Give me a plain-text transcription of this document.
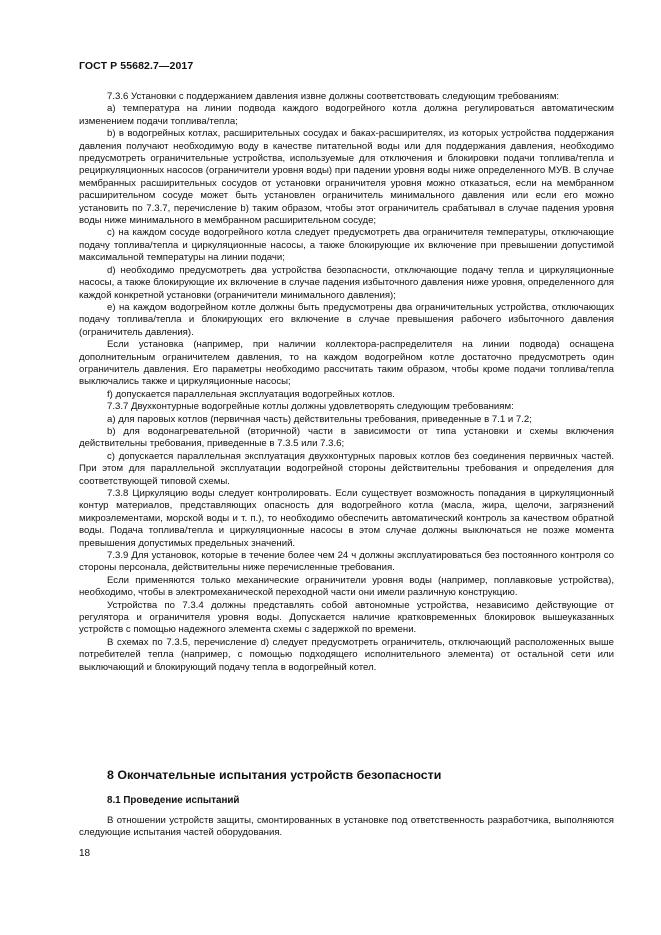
ГОСТ Р 55682.7—2017

7.3.6 Установки с поддержанием давления извне должны соответствовать следующим требованиям:

а) температура на линии подвода каждого водогрейного котла должна регулироваться автоматическим изменением подачи топлива/тепла;

b) в водогрейных котлах, расширительных сосудах и баках-расширителях, из которых устройства поддержания давления получают необходимую воду в качестве питательной воды или для поддержания давления, необходимо предусмотреть ограничительные устройства, используемые для отключения и блокировки подачи топлива/тепла и рециркуляционных насосов (ограничители уровня воды) при падении уровня воды ниже определенного МУВ. В случае мембранных расширительных сосудов от установки ограничителя уровня можно отказаться, если на мембранном расширительном сосуде может быть установлен ограничитель минимального давления или если его можно установить по 7.3.7, перечисление b) таким образом, чтобы этот ограничитель срабатывал в случае падения уровня воды ниже минимального в мембранном расширительном сосуде;

с) на каждом сосуде водогрейного котла следует предусмотреть два ограничителя температуры, отключающие подачу топлива/тепла и циркуляционные насосы, а также блокирующие их включение при превышении допустимой максимальной температуры на линии подачи;

d) необходимо предусмотреть два устройства безопасности, отключающие подачу тепла и циркуляционные насосы, а также блокирующие их включение в случае падения избыточного давления ниже уровня, определенного для каждой конкретной установки (ограничители минимального давления);

е) на каждом водогрейном котле должны быть предусмотрены два ограничительных устройства, отключающих подачу топлива/тепла и блокирующих его включение в случае превышения рабочего избыточного давления (ограничитель давления).

Если установка (например, при наличии коллектора-распределителя на линии подвода) оснащена дополнительным ограничителем давления, то на каждом водогрейном котле достаточно предусмотреть один ограничитель давления. Его параметры необходимо рассчитать таким образом, чтобы кроме подачи топлива/тепла выключались также и циркуляционные насосы;

f) допускается параллельная эксплуатация водогрейных котлов.

7.3.7 Двухконтурные водогрейные котлы должны удовлетворять следующим требованиям:

а) для паровых котлов (первичная часть) действительны требования, приведенные в 7.1 и 7.2;

b) для водонагревательной (вторичной) части в зависимости от типа установки и схемы включения действительны требования, приведенные в 7.3.5 или 7.3.6;

с) допускается параллельная эксплуатация двухконтурных паровых котлов без соединения первичных частей. При этом для параллельной эксплуатации водогрейной стороны действительны требования и определения для соответствующей типовой схемы.

7.3.8 Циркуляцию воды следует контролировать. Если существует возможность попадания в циркуляционный контур материалов, представляющих опасность для водогрейного котла (масла, жира, щелочи, загрязнений микроэлементами, морской воды и т. п.), то необходимо обеспечить автоматический контроль за качеством обратной воды. Подача топлива/тепла и циркуляционные насосы в этом случае должны выключаться не позже момента превышения допустимых предельных значений.

7.3.9 Для установок, которые в течение более чем 24 ч должны эксплуатироваться без постоянного контроля со стороны персонала, действительны ниже перечисленные требования.

Если применяются только механические ограничители уровня воды (например, поплавковые устройства), необходимо, чтобы в электромеханической переходной части они имели различную конструкцию.

Устройства по 7.3.4 должны представлять собой автономные устройства, независимо действующие от регулятора и ограничителя уровня воды. Допускается наличие кратковременных блокировок вышеуказанных устройств с помощью надежного элемента схемы с задержкой по времени.

В схемах по 7.3.5, перечисление d) следует предусмотреть ограничитель, отключающий расположенных выше потребителей тепла (например, с помощью подходящего исполнительного элемента) от остальной сети или выключающий и блокирующий подачу тепла в водогрейный котел.

8 Окончательные испытания устройств безопасности
8.1 Проведение испытаний

В отношении устройств защиты, смонтированных в установке под ответственность разработчика, выполняются следующие испытания частей оборудования.

18
